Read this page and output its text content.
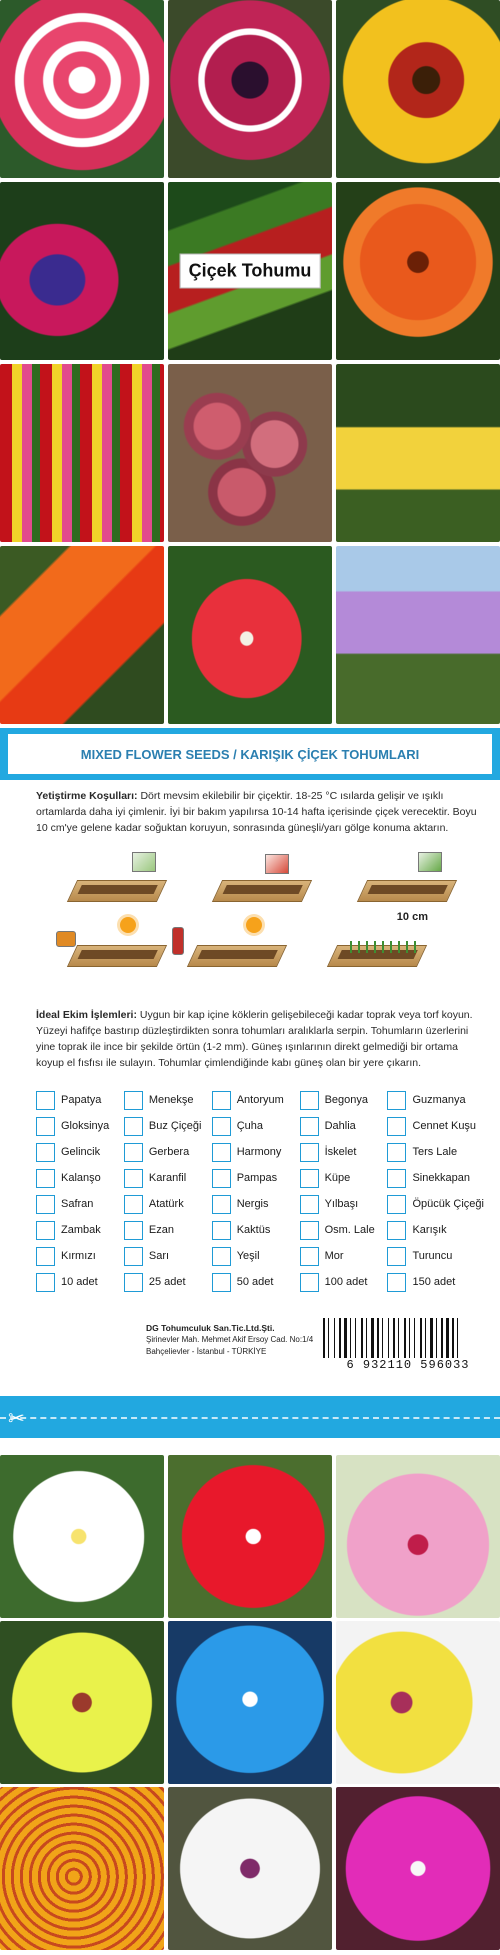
Çiçek Tohumu
MIXED FLOWER SEEDS / KARIŞIK ÇİÇEK TOHUMLARI
Yetiştirme Koşulları: Dört mevsim ekilebilir bir çiçektir. 18-25 °C ısılarda gelişir ve ışıklı ortamlarda daha iyi çimlenir. İyi bir bakım yapılırsa 10-14 hafta içerisinde çiçek verecektir. Boyu 10 cm'ye gelene kadar soğuktan koruyun, sonrasında güneşli/yarı gölge konuma aktarın.
10 cm
İdeal Ekim İşlemleri: Uygun bir kap içine köklerin gelişebileceği kadar toprak veya torf koyun. Yüzeyi hafifçe bastırıp düzleştirdikten sonra tohumları aralıklarla serpin. Tohumların üzerlerini yine toprak ile ince bir şekilde örtün (1-2 mm). Güneş ışınlarının direkt gelmediği bir ortama koyup el fısfısı ile sulayın. Tohumlar çimlendiğinde kabı güneş olan bir yere çıkarın.
Papatya	Menekşe	Antoryum	Begonya	Guzmanya
Gloksinya	Buz Çiçeği	Çuha	Dahlia	Cennet Kuşu
Gelincik	Gerbera	Harmony	İskelet	Ters Lale
Kalanşo	Karanfil	Pampas	Küpe	Sinekkapan
Safran	Atatürk	Nergis	Yılbaşı	Öpücük Çiçeği
Zambak	Ezan	Kaktüs	Osm. Lale	Karışık
Kırmızı	Sarı	Yeşil	Mor	Turuncu
10 adet	25 adet	50 adet	100 adet	150 adet
DG Tohumculuk San.Tic.Ltd.Şti.
Şirinevler Mah. Mehmet Akif Ersoy Cad. No:1/4
Bahçelievler - İstanbul - TÜRKİYE
6 932110 596033
✂
